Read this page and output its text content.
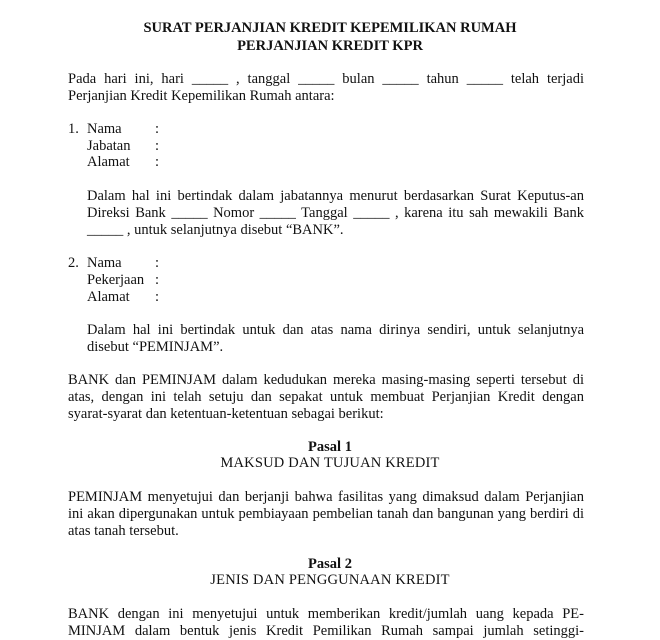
SURAT PERJANJIAN KREDIT KEPEMILIKAN RUMAH
PERJANJIAN KREDIT KPR
Pada hari ini, hari _____ , tanggal _____ bulan _____ tahun _____ telah terjadi
Perjanjian Kredit Kepemilikan Rumah antara:
1. Nama :
Jabatan :
Alamat :
Dalam hal ini bertindak dalam jabatannya menurut berdasarkan Surat Keputus-an
Direksi Bank _____ Nomor _____ Tanggal _____ , karena itu sah mewakili Bank
_____ , untuk selanjutnya disebut “BANK”.
2. Nama :
Pekerjaan :
Alamat :
Dalam hal ini bertindak untuk dan atas nama dirinya sendiri, untuk selanjutnya
disebut “PEMINJAM”.
BANK dan PEMINJAM dalam kedudukan mereka masing-masing seperti tersebut di
atas, dengan ini telah setuju dan sepakat untuk membuat Perjanjian Kredit dengan
syarat-syarat dan ketentuan-ketentuan sebagai berikut:
Pasal 1
MAKSUD DAN TUJUAN KREDIT
PEMINJAM menyetujui dan berjanji bahwa fasilitas yang dimaksud dalam Perjanjian
ini akan dipergunakan untuk pembiayaan pembelian tanah dan bangunan yang berdiri di
atas tanah tersebut.
Pasal 2
JENIS DAN PENGGUNAAN KREDIT
BANK dengan ini menyetujui untuk memberikan kredit/jumlah uang kepada PE-
MINJAM dalam bentuk jenis Kredit Pemilikan Rumah sampai jumlah setinggi-
